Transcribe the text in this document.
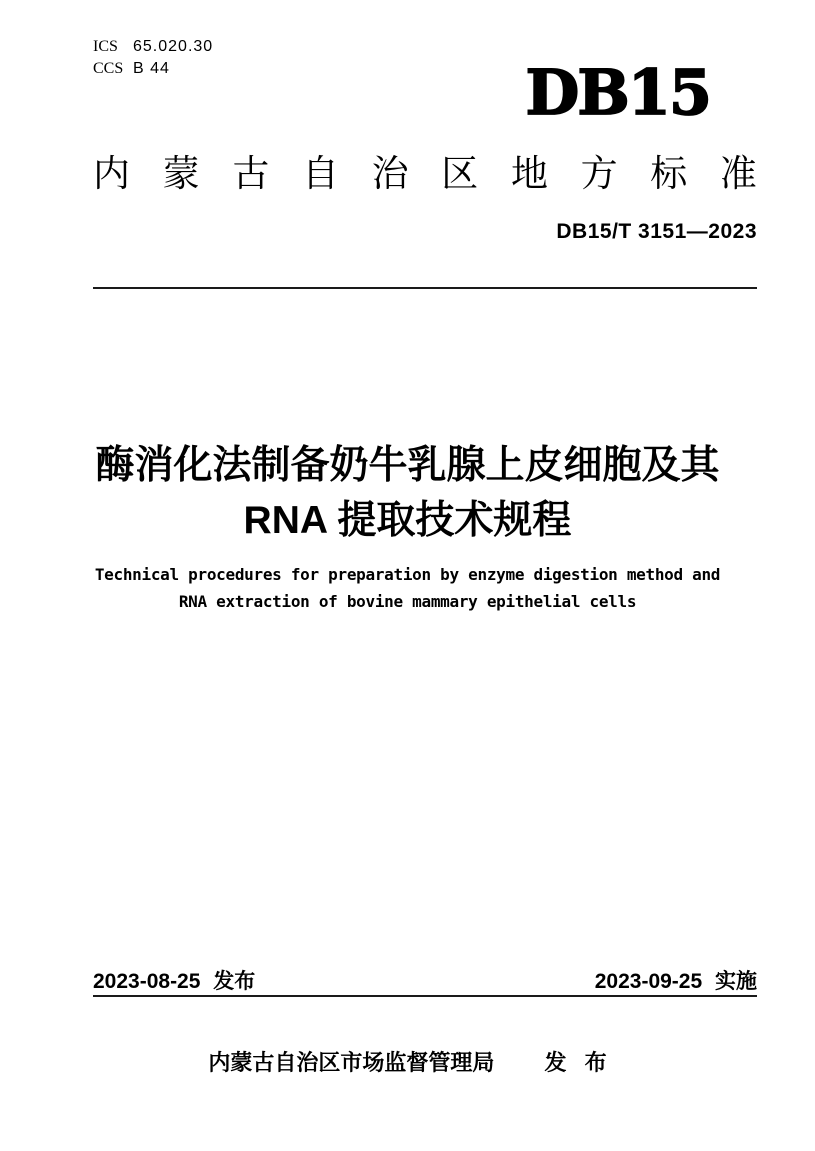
ICS 65.020.30
CCS B 44	DB15
内 蒙 古 自 治 区 地 方 标 准
DB15/T 3151—2023
酶消化法制备奶牛乳腺上皮细胞及其
RNA 提取技术规程
Technical procedures for preparation by enzyme digestion method and
RNA extraction of bovine mammary epithelial cells
2023-08-25 发布	2023-09-25 实施
内蒙古自治区市场监督管理局 发 布
